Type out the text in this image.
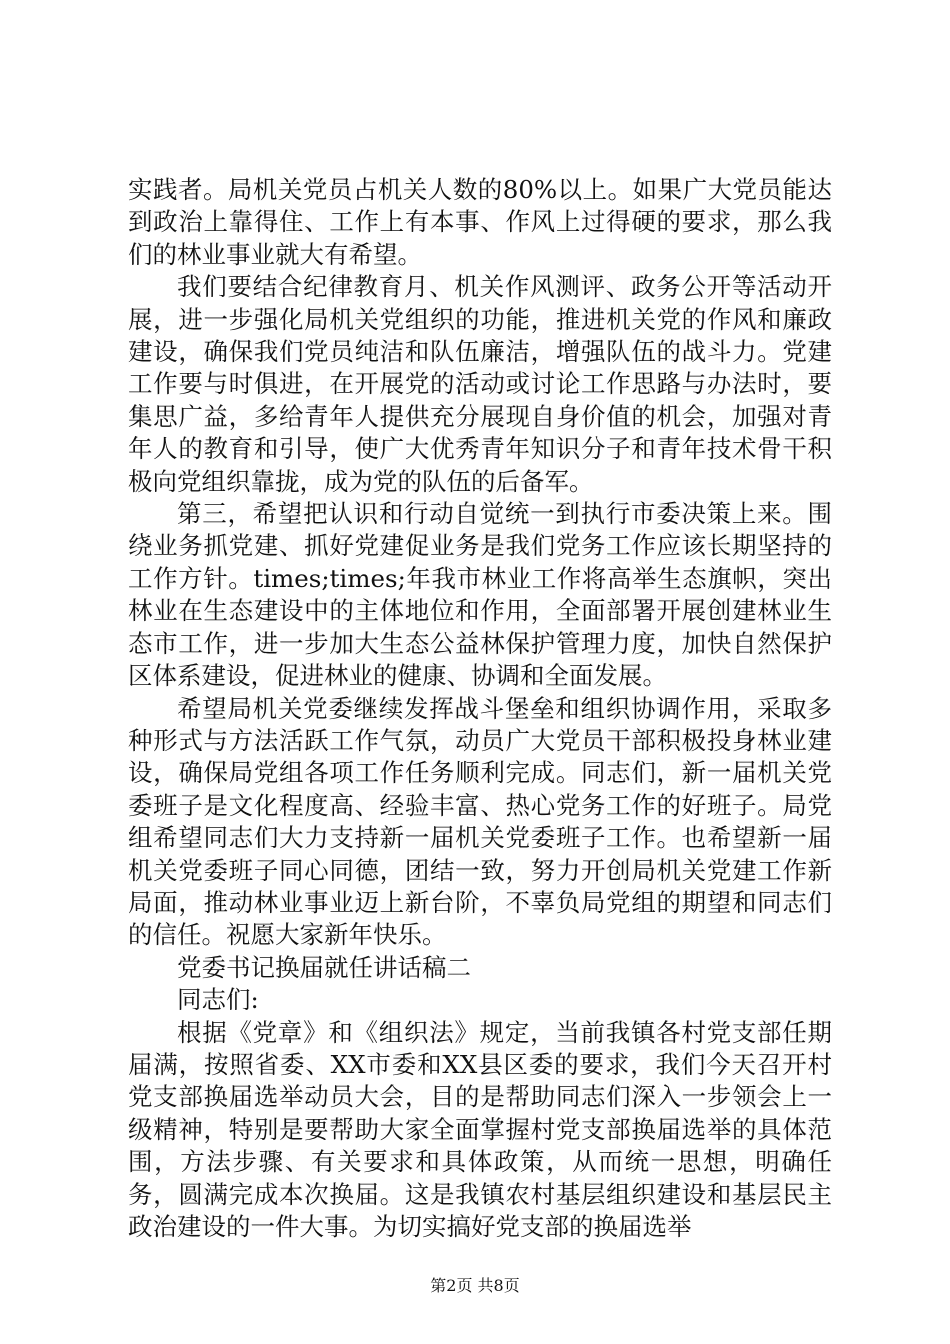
实践者。局机关党员占机关人数的80%以上。如果广大党员能达到政治上靠得住、工作上有本事、作风上过得硬的要求，那么我们的林业事业就大有希望。

我们要结合纪律教育月、机关作风测评、政务公开等活动开展，进一步强化局机关党组织的功能，推进机关党的作风和廉政建设，确保我们党员纯洁和队伍廉洁，增强队伍的战斗力。党建工作要与时俱进，在开展党的活动或讨论工作思路与办法时，要集思广益，多给青年人提供充分展现自身价值的机会，加强对青年人的教育和引导，使广大优秀青年知识分子和青年技术骨干积极向党组织靠拢，成为党的队伍的后备军。

第三，希望把认识和行动自觉统一到执行市委决策上来。围绕业务抓党建、抓好党建促业务是我们党务工作应该长期坚持的工作方针。times;times;年我市林业工作将高举生态旗帜，突出林业在生态建设中的主体地位和作用，全面部署开展创建林业生态市工作，进一步加大生态公益林保护管理力度，加快自然保护区体系建设，促进林业的健康、协调和全面发展。

希望局机关党委继续发挥战斗堡垒和组织协调作用，采取多种形式与方法活跃工作气氛，动员广大党员干部积极投身林业建设，确保局党组各项工作任务顺利完成。同志们，新一届机关党委班子是文化程度高、经验丰富、热心党务工作的好班子。局党组希望同志们大力支持新一届机关党委班子工作。也希望新一届机关党委班子同心同德，团结一致，努力开创局机关党建工作新局面，推动林业事业迈上新台阶，不辜负局党组的期望和同志们的信任。祝愿大家新年快乐。

党委书记换届就任讲话稿二

同志们:

根据《党章》和《组织法》规定，当前我镇各村党支部任期届满，按照省委、XX市委和XX县区委的要求，我们今天召开村党支部换届选举动员大会，目的是帮助同志们深入一步领会上一级精神，特别是要帮助大家全面掌握村党支部换届选举的具体范围，方法步骤、有关要求和具体政策，从而统一思想，明确任务，圆满完成本次换届。这是我镇农村基层组织建设和基层民主政治建设的一件大事。为切实搞好党支部的换届选举

第2页 共8页
